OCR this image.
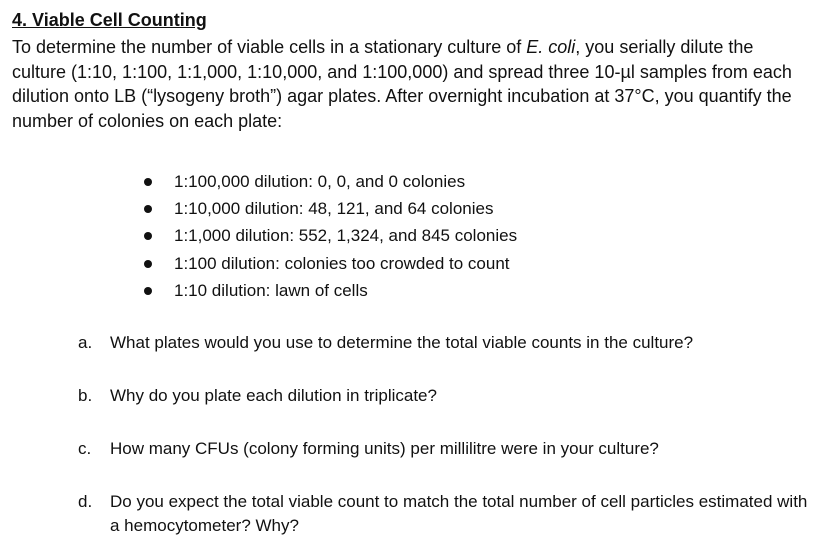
4. Viable Cell Counting
To determine the number of viable cells in a stationary culture of E. coli, you serially dilute the culture (1:10, 1:100, 1:1,000, 1:10,000, and 1:100,000) and spread three 10-µl samples from each dilution onto LB (“lysogeny broth”) agar plates. After overnight incubation at 37°C, you quantify the number of colonies on each plate:
1:100,000 dilution: 0, 0, and 0 colonies
1:10,000 dilution: 48, 121, and 64 colonies
1:1,000 dilution: 552, 1,324, and 845 colonies
1:100 dilution: colonies too crowded to count
1:10 dilution: lawn of cells
a. What plates would you use to determine the total viable counts in the culture?
b. Why do you plate each dilution in triplicate?
c. How many CFUs (colony forming units) per millilitre were in your culture?
d. Do you expect the total viable count to match the total number of cell particles estimated with a hemocytometer? Why?
